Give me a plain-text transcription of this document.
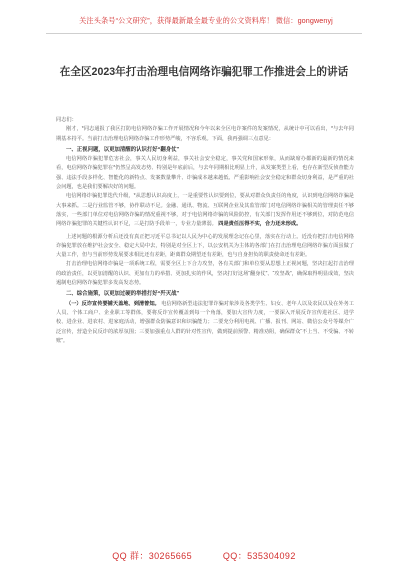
关注头条号“公文研究”，获得最新最全最专业的公文资料库！ 微信：gongwenyj
在全区2023年打击治理电信网络诈骗犯罪工作推进会上的讲话

同志们：

刚才，*同志通报了我区打防电信网络诈骗工作开展情况和今年以来全区电诈案件的发案情况，从统计中可以看出，*与去年同期基本持平。当前打击治理电信网络诈骗工作形势严峻，不容乐观。下面，我再强调三点意见：

一、正视问题，以更加清醒的认识打好“翻身仗”

电信网络诈骗犯罪危害社会，事关人民切身利益，事关社会安全稳定，事关党和国家形象，从而缺席办都新的最新的情况来看，电信网络诈骗犯罪在*仍然呈高发态势、特别是年底前后，与去年同期相比明显上升，从发案类型上看，也存在新型反侦查能力强、违法手段多样化、智能化的新特点、发案数量攀升、诈骗成本越来越低、严重影响社会安全稳定和群众切身利益，是严重的社会问题，也是我们要解决好的问题。

电信网络诈骗犯罪迭代升级，*从思想认识高度上，一是重要性认识要到位，要从对群众负责任的角度，认识到电信网络诈骗是大事来抓。二是行业监管不够，协作联动不足。金融、通讯、物流、互联网企业及其监管部门对电信网络诈骗相关的管理责任不够落实，一些部门单位对电信网络诈骗的情况重视不够，对于电信网络诈骗的风险防控，有关部门发挥作用还不够到位，对防范电信网络诈骗犯罪的关键性认识不足，三是打防手段单一，专业力量薄弱。 四是责任压得不实，合力还未形成。

上述问题的根源分析后还没有真正把习近平总书记以人民为中心的发展理念记在心里，落实在行动上。近没有把打击电信网络诈骗犯罪放在维护社会安全、稳定大局中去，特别是对全区上下，以公安机关为主体的各部门在打击治理电信网络诈骗方面虽做了大量工作，但与当前形势发展要求相比还有差距，距离群众期望还有差距，也与自身担负的职责使命还有差距。

打击治理电信网络诈骗是一项系统工程，需要全区上下合力攻坚，各有关部门和单位要从思想上正视问题，坚决扛起打击治理的政治责任，以更加清醒的认识、更加有力的举措、更加扎实的作风，坚决打好这场“翻身仗”、“攻坚战”，确保取得明显成效，坚决遏制电信网络诈骗犯罪多发高发态势。

二、综合施策，以更加过硬的举措打好“歼灭战”

（一）反诈宣传要铺天盖地、到清曾知。 电信网络新型违法犯罪诈骗对象涉及各类学生、妇女、老年人以及农民以及在外务工人员、个体工商户、企业职工等群体，要将反诈宣传覆盖到每一个角落，要加大宣传力度，一要深入开展反诈宣传进社区、进学校、进企业、进农村、进家庭活动，增强群众防骗意识和识骗能力；二要充分利用电视、广播、报刊、网站、微信公众号等媒介广泛宣传，营造全民反诈的浓厚氛围；三要加强重点人群的针对性宣传，做到提前预警、精准劝阻，确保群众“不上当、不受骗、不转账”。

QQ 群：30265665	QQ：535304092
